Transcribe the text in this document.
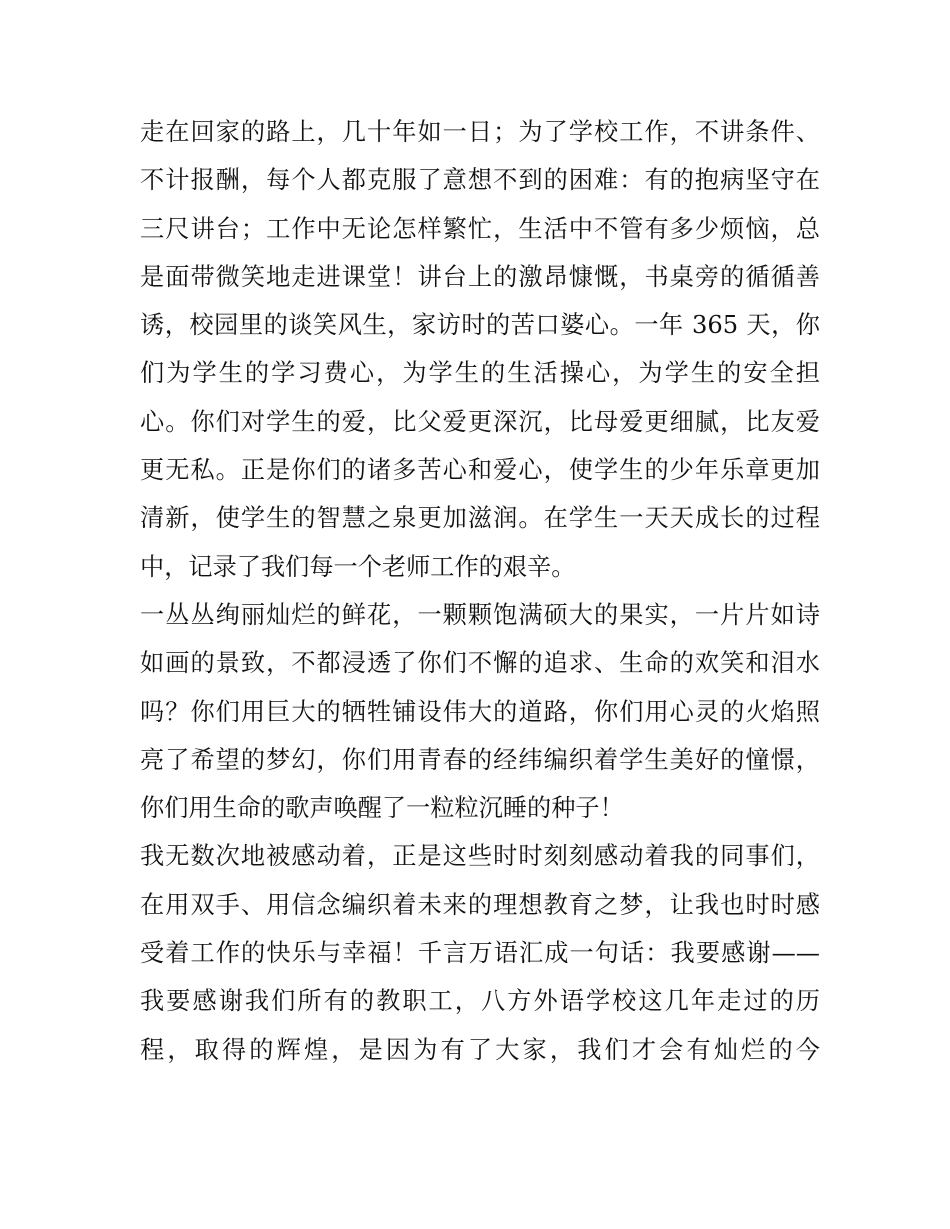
走在回家的路上，几十年如一日；为了学校工作，不讲条件、
不计报酬，每个人都克服了意想不到的困难：有的抱病坚守在
三尺讲台；工作中无论怎样繁忙，生活中不管有多少烦恼，总
是面带微笑地走进课堂！讲台上的激昂慷慨，书桌旁的循循善
诱，校园里的谈笑风生，家访时的苦口婆心。一年 365 天，你
们为学生的学习费心，为学生的生活操心，为学生的安全担
心。你们对学生的爱，比父爱更深沉，比母爱更细腻，比友爱
更无私。正是你们的诸多苦心和爱心，使学生的少年乐章更加
清新，使学生的智慧之泉更加滋润。在学生一天天成长的过程
中，记录了我们每一个老师工作的艰辛。
一丛丛绚丽灿烂的鲜花，一颗颗饱满硕大的果实，一片片如诗
如画的景致，不都浸透了你们不懈的追求、生命的欢笑和泪水
吗？你们用巨大的牺牲铺设伟大的道路，你们用心灵的火焰照
亮了希望的梦幻，你们用青春的经纬编织着学生美好的憧憬，
你们用生命的歌声唤醒了一粒粒沉睡的种子！
我无数次地被感动着，正是这些时时刻刻感动着我的同事们，
在用双手、用信念编织着未来的理想教育之梦，让我也时时感
受着工作的快乐与幸福！千言万语汇成一句话：我要感谢——
我要感谢我们所有的教职工，八方外语学校这几年走过的历
程，取得的辉煌，是因为有了大家，我们才会有灿烂的今
